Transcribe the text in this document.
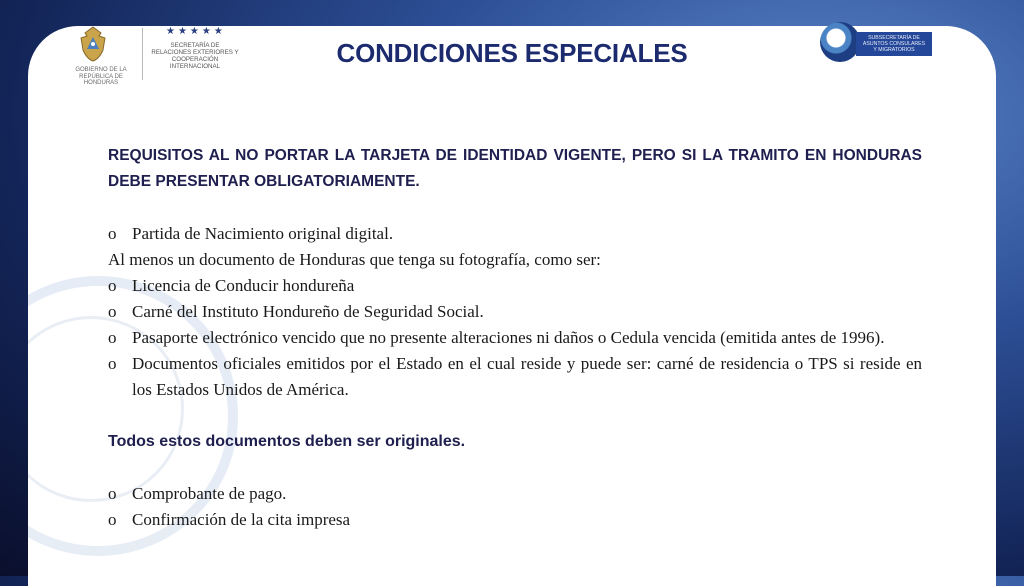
GOBIERNO DE LA REPÚBLICA DE HONDURAS
★★★★★
SECRETARÍA DE RELACIONES EXTERIORES Y COOPERACIÓN INTERNACIONAL
SUBSECRETARÍA DE ASUNTOS CONSULARES Y MIGRATORIOS
CONDICIONES ESPECIALES

REQUISITOS AL NO PORTAR LA TARJETA DE IDENTIDAD VIGENTE, PERO SI LA TRAMITO EN HONDURAS DEBE PRESENTAR OBLIGATORIAMENTE.

o Partida de Nacimiento original digital.

Al menos un documento de Honduras que tenga su fotografía, como ser:

o Licencia de Conducir hondureña
o Carné del Instituto Hondureño de Seguridad Social.
o Pasaporte electrónico vencido que no presente alteraciones ni daños o Cedula vencida (emitida antes de 1996).
o Documentos oficiales emitidos por el Estado en el cual reside y puede ser: carné de residencia o TPS si reside en los Estados Unidos de América.

Todos estos documentos deben ser originales.

o Comprobante de pago.
o Confirmación de la cita impresa
